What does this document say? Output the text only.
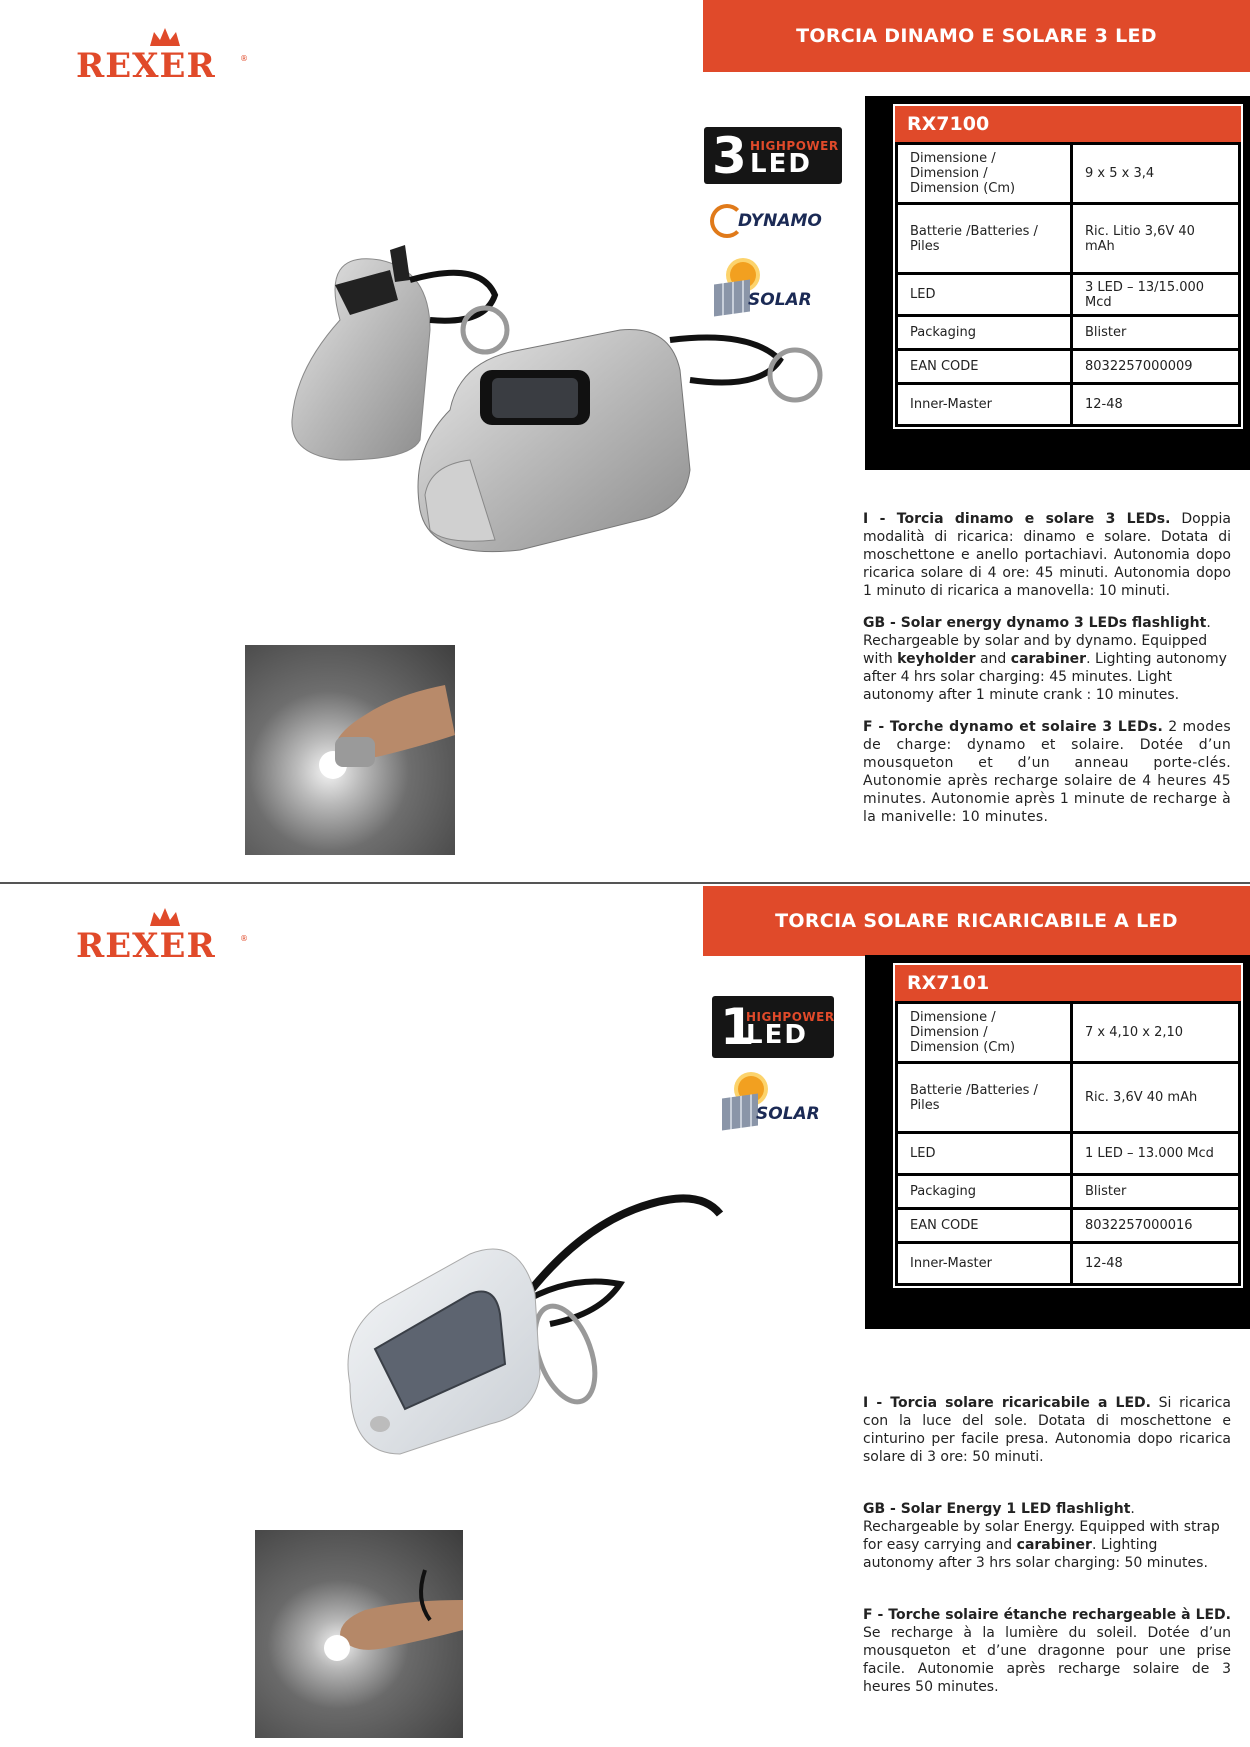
REXER	®
TORCIA DINAMO E SOLARE 3 LED
3 HIGHPOWER
LED
DYNAMO
SOLAR
RX7100
Dimensione / Dimension / Dimension (Cm)	9 x 5 x 3,4
Batterie /Batteries / Piles	Ric. Litio 3,6V 40 mAh
LED	3 LED – 13/15.000 Mcd
Packaging	Blister
EAN CODE	8032257000009
Inner-Master	12-48

I - Torcia dinamo e solare 3 LEDs. Doppia modalità di ricarica: dinamo e solare. Dotata di moschettone e anello portachiavi. Autonomia dopo ricarica solare di 4 ore: 45 minuti. Autonomia dopo 1 minuto di ricarica a manovella: 10 minuti.

GB - Solar energy dynamo 3 LEDs flashlight. Rechargeable by solar and by dynamo. Equipped with keyholder and carabiner. Lighting autonomy after 4 hrs solar charging: 45 minutes. Light autonomy after 1 minute crank : 10 minutes.

F - Torche dynamo et solaire 3 LEDs. 2 modes de charge: dynamo et solaire. Dotée d’un mousqueton et d’un anneau porte-clés. Autonomie après recharge solaire de 4 heures 45 minutes. Autonomie après 1 minute de recharge à la manivelle: 10 minutes.

REXER	®
TORCIA SOLARE RICARICABILE A LED
1
HIGHPOWER
LED
SOLAR
RX7101
Dimensione / Dimension / Dimension (Cm)	7 x 4,10 x 2,10
Batterie /Batteries / Piles	Ric. 3,6V 40 mAh
LED	1 LED – 13.000 Mcd
Packaging	Blister
EAN CODE	8032257000016
Inner-Master	12-48

I - Torcia solare ricaricabile a LED. Si ricarica con la luce del sole. Dotata di moschettone e cinturino per facile presa. Autonomia dopo ricarica solare di 3 ore: 50 minuti.

GB - Solar Energy 1 LED flashlight. Rechargeable by solar Energy. Equipped with strap for easy carrying and carabiner. Lighting autonomy after 3 hrs solar charging: 50 minutes.

F - Torche solaire étanche rechargeable à LED. Se recharge à la lumière du soleil. Dotée d’un mousqueton et d’une dragonne pour une prise facile. Autonomie après recharge solaire de 3 heures 50 minutes.
